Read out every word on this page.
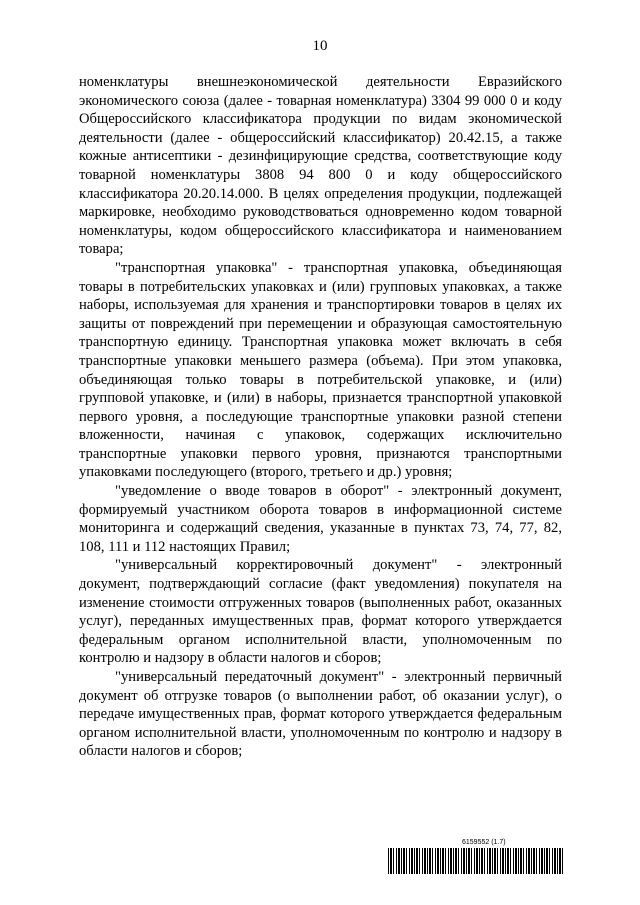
10

номенклатуры внешнеэкономической деятельности Евразийского экономического союза (далее - товарная номенклатура) 3304 99 000 0 и коду Общероссийского классификатора продукции по видам экономической деятельности (далее - общероссийский классификатор) 20.42.15, а также кожные антисептики - дезинфицирующие средства, соответствующие коду товарной номенклатуры 3808 94 800 0 и коду общероссийского классификатора 20.20.14.000. В целях определения продукции, подлежащей маркировке, необходимо руководствоваться одновременно кодом товарной номенклатуры, кодом общероссийского классификатора и наименованием товара;

"транспортная упаковка" - транспортная упаковка, объединяющая товары в потребительских упаковках и (или) групповых упаковках, а также наборы, используемая для хранения и транспортировки товаров в целях их защиты от повреждений при перемещении и образующая самостоятельную транспортную единицу. Транспортная упаковка может включать в себя транспортные упаковки меньшего размера (объема). При этом упаковка, объединяющая только товары в потребительской упаковке, и (или) групповой упаковке, и (или) в наборы, признается транспортной упаковкой первого уровня, а последующие транспортные упаковки разной степени вложенности, начиная с упаковок, содержащих исключительно транспортные упаковки первого уровня, признаются транспортными упаковками последующего (второго, третьего и др.) уровня;

"уведомление о вводе товаров в оборот" - электронный документ, формируемый участником оборота товаров в информационной системе мониторинга и содержащий сведения, указанные в пунктах 73, 74, 77, 82, 108, 111 и 112 настоящих Правил;

"универсальный корректировочный документ" - электронный документ, подтверждающий согласие (факт уведомления) покупателя на изменение стоимости отгруженных товаров (выполненных работ, оказанных услуг), переданных имущественных прав, формат которого утверждается федеральным органом исполнительной власти, уполномоченным по контролю и надзору в области налогов и сборов;

"универсальный передаточный документ" - электронный первичный документ об отгрузке товаров (о выполнении работ, об оказании услуг), о передаче имущественных прав, формат которого утверждается федеральным органом исполнительной власти, уполномоченным по контролю и надзору в области налогов и сборов;

6159552 (1.7)
